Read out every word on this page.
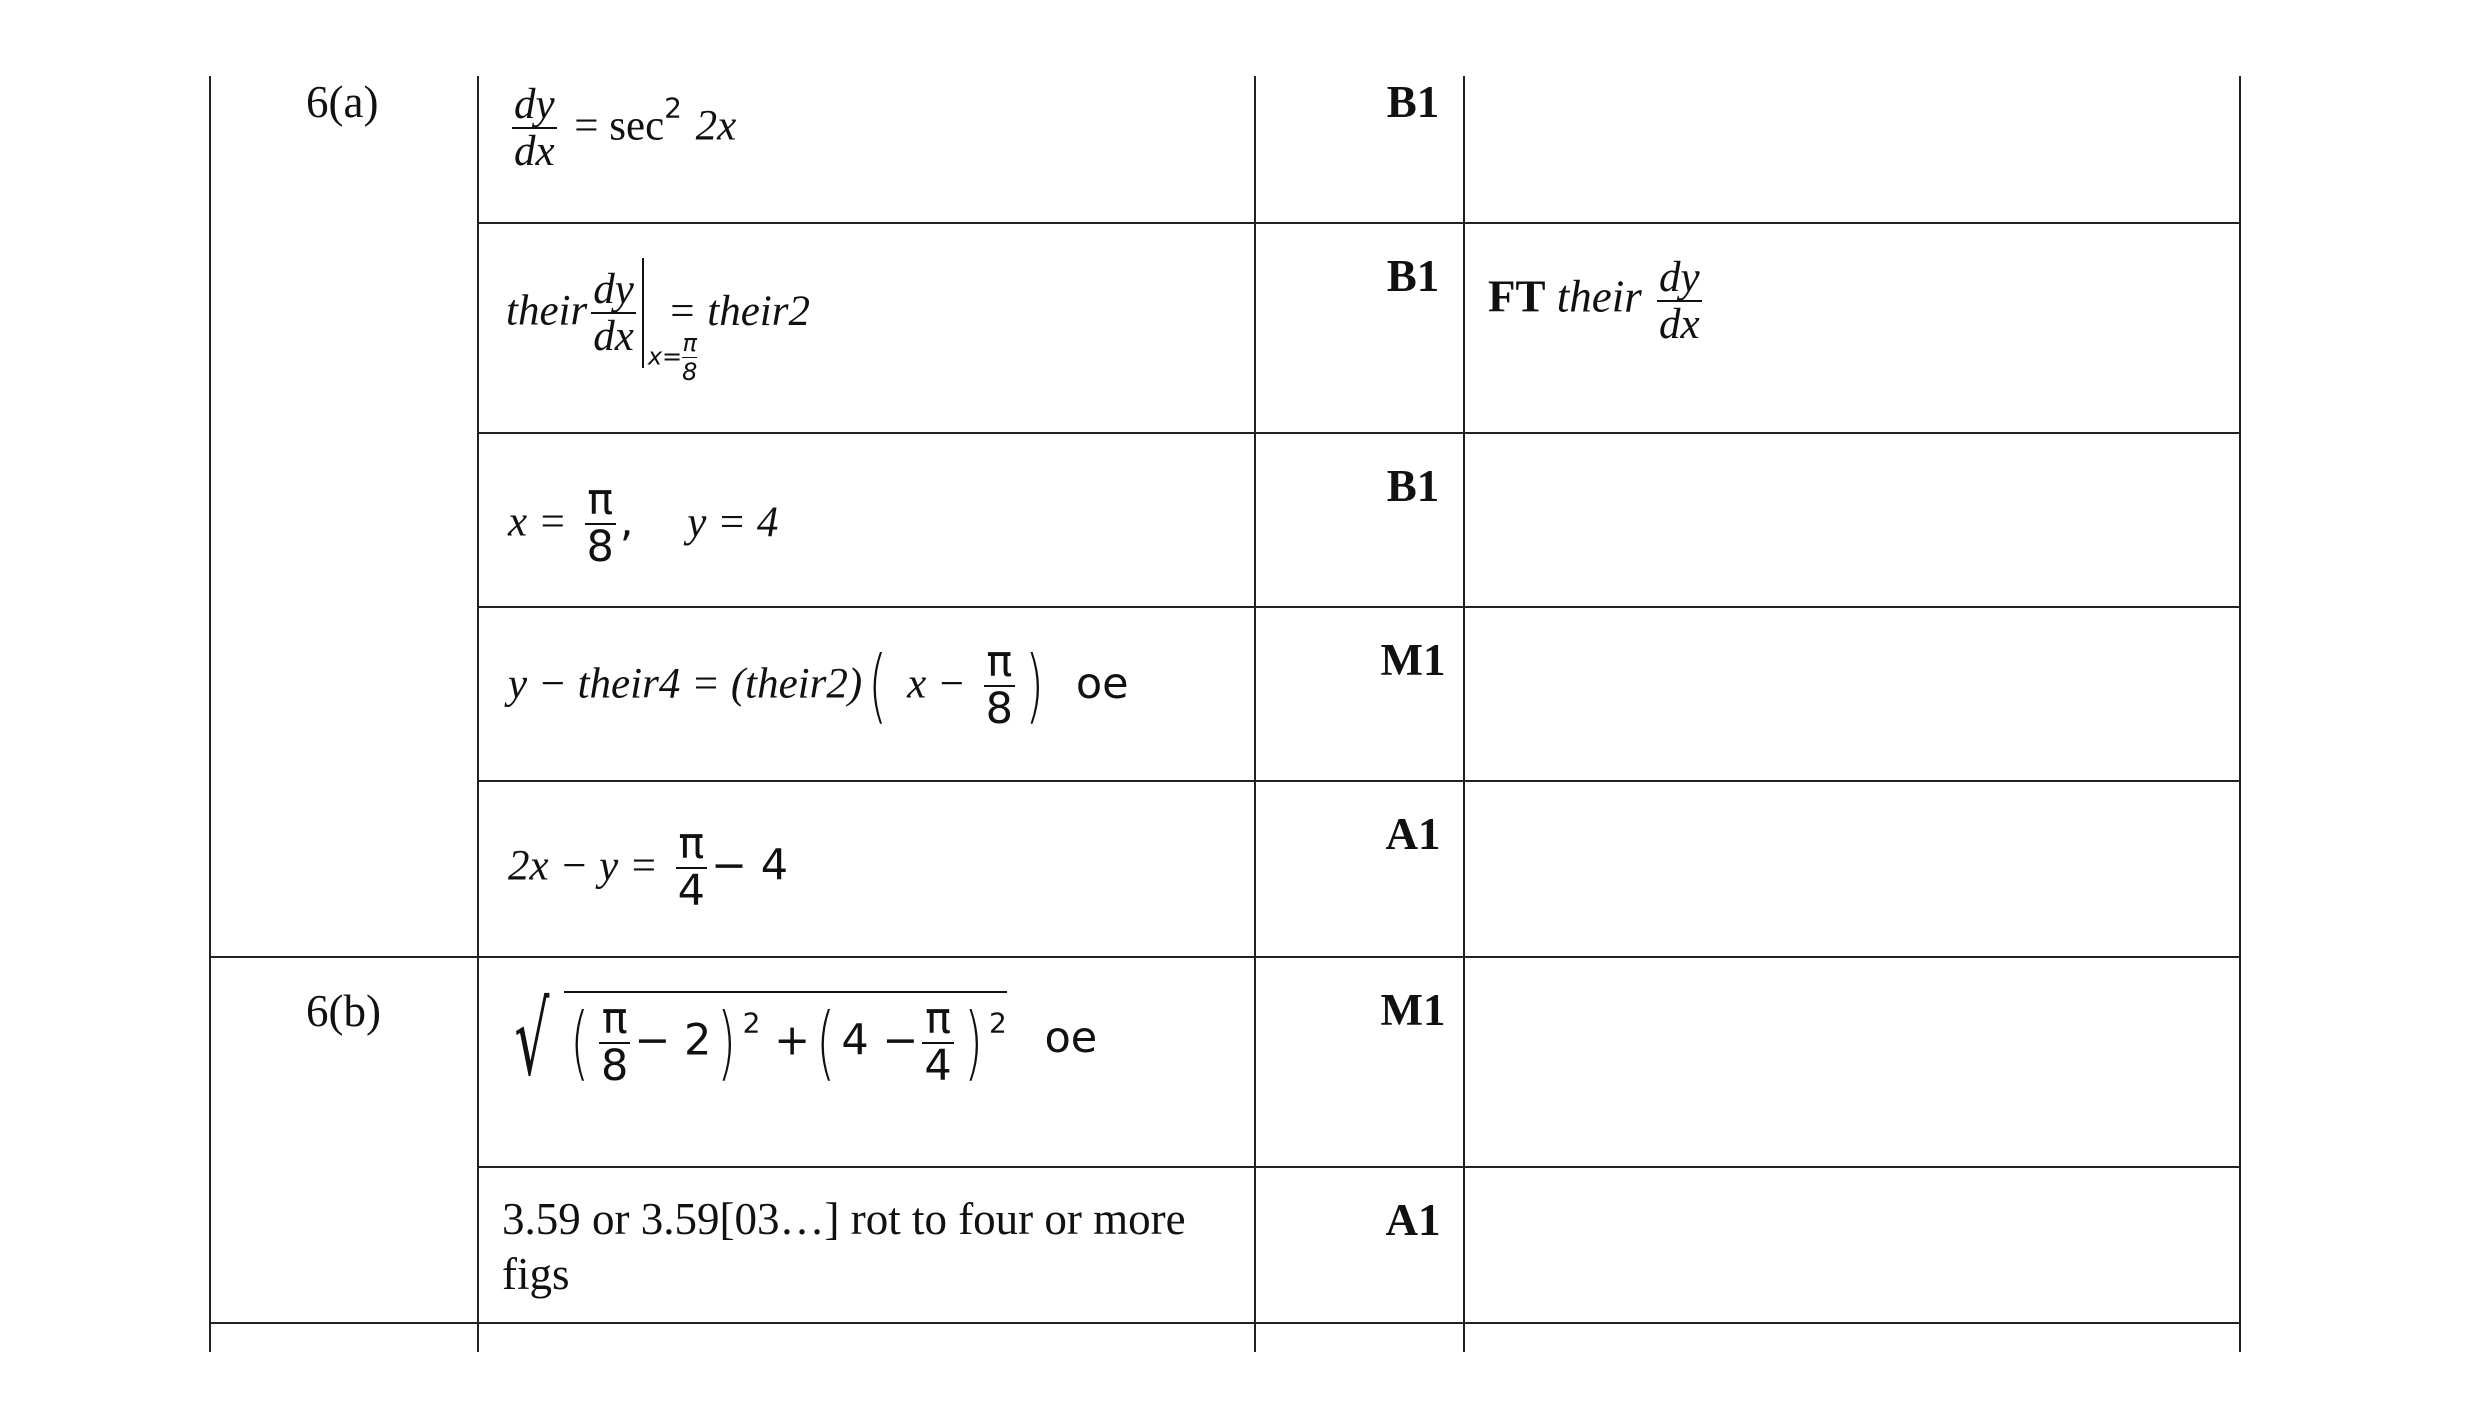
6(a)
6(b)
B1
B1
B1
M1
A1
M1
A1
$\frac{dy}{dx} = \sec^2 2x$
their $\frac{dy}{dx} x= \frac{\pi}{8}$
= their2
$x = \frac{\pi}{8}$ , y = 4
y − their4 = (their2)( $x - \frac{\pi}{8}$ ) oe
$2x - y = \frac{\pi}{4} - 4$
√ ( $\frac{\pi}{8} - 2$) $^2$ +( $4 - \frac{\pi}{4}$ ) $^2$ oe
3.59 or 3.59[03…] rot to four or more figs
FT their $\frac{dy}{dx}$
